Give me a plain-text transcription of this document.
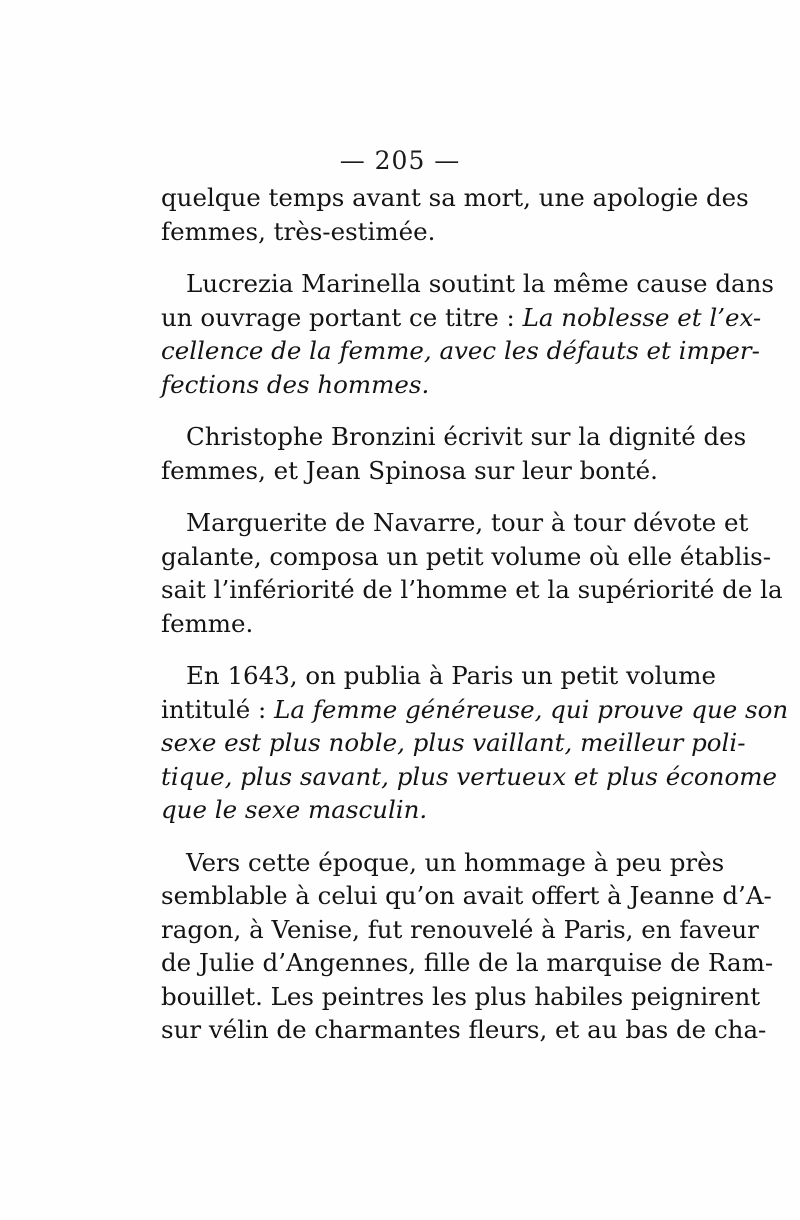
— 205 —
quelque temps avant sa mort, une apologie des
femmes, très-estimée.
Lucrezia Marinella soutint la même cause dans
un ouvrage portant ce titre : La noblesse et l’ex-
cellence de la femme, avec les défauts et imper-
fections des hommes.
Christophe Bronzini écrivit sur la dignité des
femmes, et Jean Spinosa sur leur bonté.
Marguerite de Navarre, tour à tour dévote et
galante, composa un petit volume où elle établis-
sait l’infériorité de l’homme et la supériorité de la
femme.
En 1643, on publia à Paris un petit volume
intitulé : La femme généreuse, qui prouve que son
sexe est plus noble, plus vaillant, meilleur poli-
tique, plus savant, plus vertueux et plus économe
que le sexe masculin.
Vers cette époque, un hommage à peu près
semblable à celui qu’on avait offert à Jeanne d’A-
ragon, à Venise, fut renouvelé à Paris, en faveur
de Julie d’Angennes, fille de la marquise de Ram-
bouillet. Les peintres les plus habiles peignirent
sur vélin de charmantes fleurs, et au bas de cha-
